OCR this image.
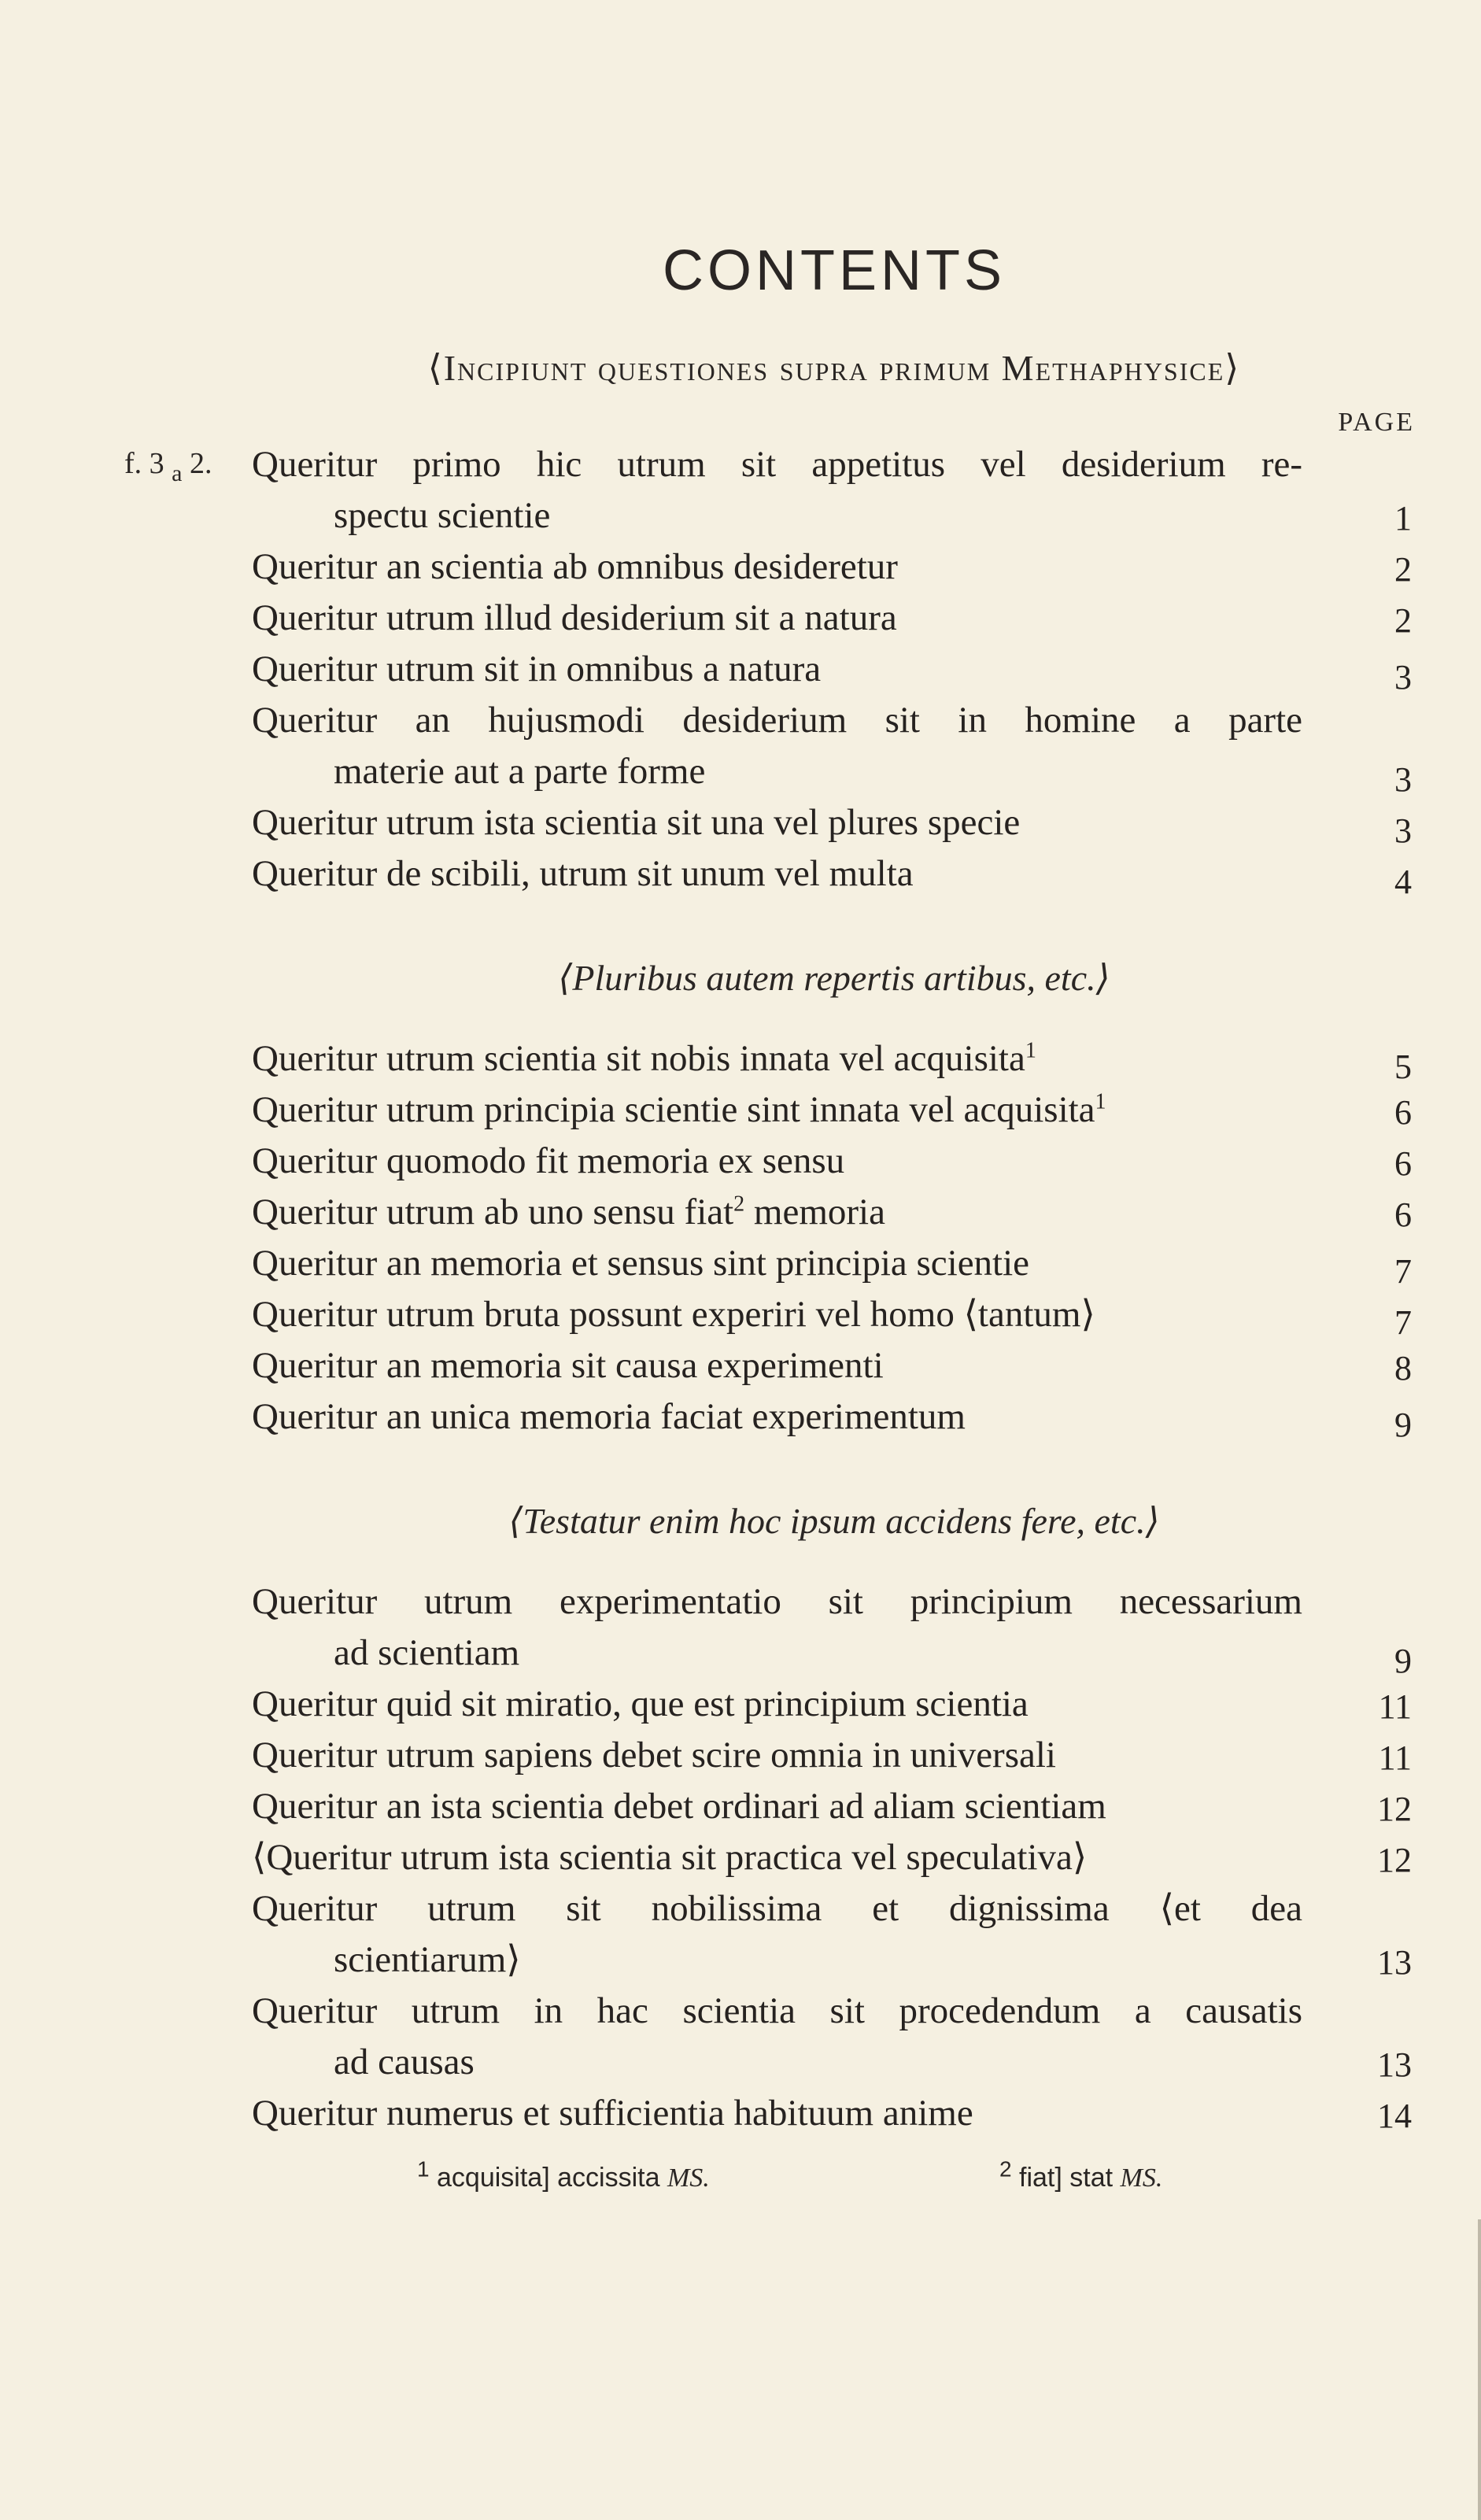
CONTENTS
⟨Incipiunt questiones supra primum Methaphysice⟩
PAGE
f. 3 $_a$ 2. Queritur primo hic utrum sit appetitus vel desiderium re-
spectu scientie	1
Queritur an scientia ab omnibus desideretur	2
Queritur utrum illud desiderium sit a natura	2
Queritur utrum sit in omnibus a natura	3
Queritur an hujusmodi desiderium sit in homine a parte
materie aut a parte forme	3
Queritur utrum ista scientia sit una vel plures specie	3
Queritur de scibili, utrum sit unum vel multa	4
⟨Pluribus autem repertis artibus, etc.⟩
Queritur utrum scientia sit nobis innata vel acquisita$^1$	5
Queritur utrum principia scientie sint innata vel acquisita$^1$	6
Queritur quomodo fit memoria ex sensu	6
Queritur utrum ab uno sensu fiat$^2$ memoria	6
Queritur an memoria et sensus sint principia scientie	7
Queritur utrum bruta possunt experiri vel homo ⟨tantum⟩	7
Queritur an memoria sit causa experimenti	8
Queritur an unica memoria faciat experimentum	9
⟨Testatur enim hoc ipsum accidens fere, etc.⟩
Queritur utrum experimentatio sit principium necessarium
ad scientiam	9
Queritur quid sit miratio, que est principium scientia	11
Queritur utrum sapiens debet scire omnia in universali	11
Queritur an ista scientia debet ordinari ad aliam scientiam	12
⟨Queritur utrum ista scientia sit practica vel speculativa⟩	12
Queritur utrum sit nobilissima et dignissima ⟨et dea
scientiarum⟩	13
Queritur utrum in hac scientia sit procedendum a causatis
ad causas	13
Queritur numerus et sufficientia habituum anime	14
$^1$ acquisita] accissita MS.	$^2$ fiat] stat MS.
